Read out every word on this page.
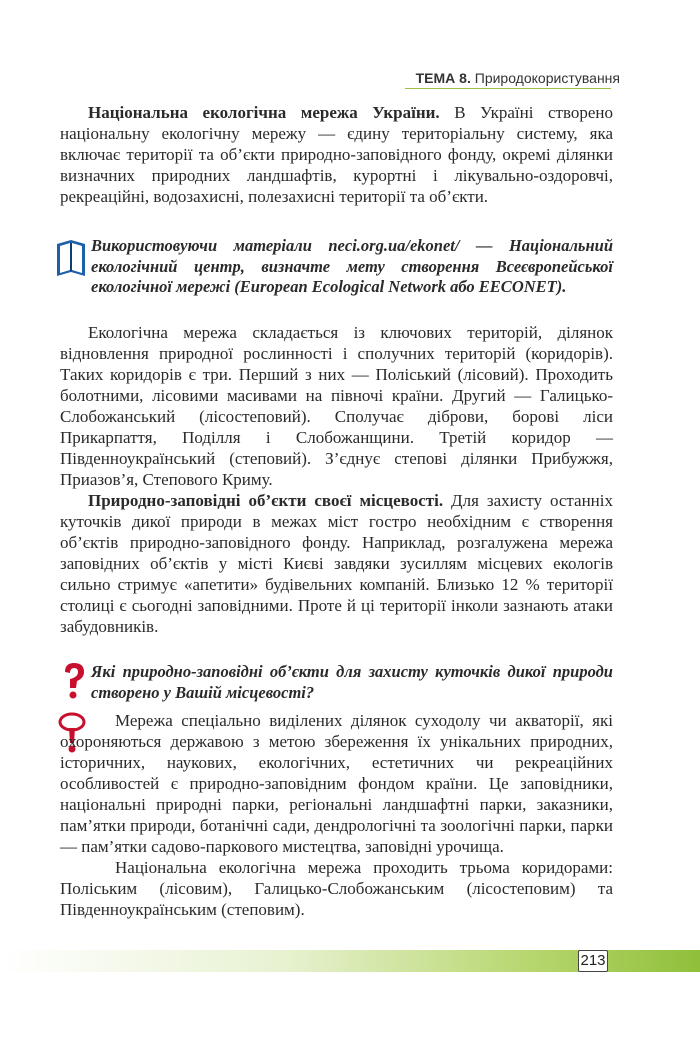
ТЕМА 8. Природокористування

Національна екологічна мережа України. В Україні створено національну екологічну мережу — єдину територіальну систему, яка включає території та об’єкти природно-заповідного фонду, окремі ділянки визначних природних ландшафтів, курортні і лікувально-оздоровчі, рекреаційні, водозахисні, полезахисні території та об’єкти.

Використовуючи матеріали neci.org.ua/ekonet/ — Національний екологічний центр, визначте мету створення Всеєвропейської екологічної мережі (European Ecological Network або EECONET).

Екологічна мережа складається із ключових територій, ділянок відновлення природної рослинності і сполучних територій (коридорів). Таких коридорів є три. Перший з них — Поліський (лісовий). Проходить болотними, лісовими масивами на півночі країни. Другий — Галицько-Слобожанський (лісостеповий). Сполучає діброви, борові ліси Прикарпаття, Поділля і Слобожанщини. Третій коридор — Південноукраїнський (степовий). З’єднує степові ділянки Прибужжя, Приазов’я, Степового Криму.

Природно-заповідні об’єкти своєї місцевості. Для захисту останніх куточків дикої природи в межах міст гостро необхідним є створення об’єктів природно-заповідного фонду. Наприклад, розгалужена мережа заповідних об’єктів у місті Києві завдяки зусиллям місцевих екологів сильно стримує «апетити» будівельних компаній. Близько 12 % території столиці є сьогодні заповідними. Проте й ці території інколи зазнають атаки забудовників.

Які природно-заповідні об’єкти для захисту куточків дикої природи створено у Вашій місцевості?

Мережа спеціально виділених ділянок суходолу чи акваторії, які охороняються державою з метою збереження їх унікальних природних, історичних, наукових, екологічних, естетичних чи рекреаційних особливостей є природно-заповідним фондом країни. Це заповідники, національні природні парки, регіональні ландшафтні парки, заказники, пам’ятки природи, ботанічні сади, дендрологічні та зоологічні парки, парки — пам’ятки садово-паркового мистецтва, заповідні урочища.

Національна екологічна мережа проходить трьома коридорами: Поліським (лісовим), Галицько-Слобожанським (лісостеповим) та Південноукраїнським (степовим).

213
